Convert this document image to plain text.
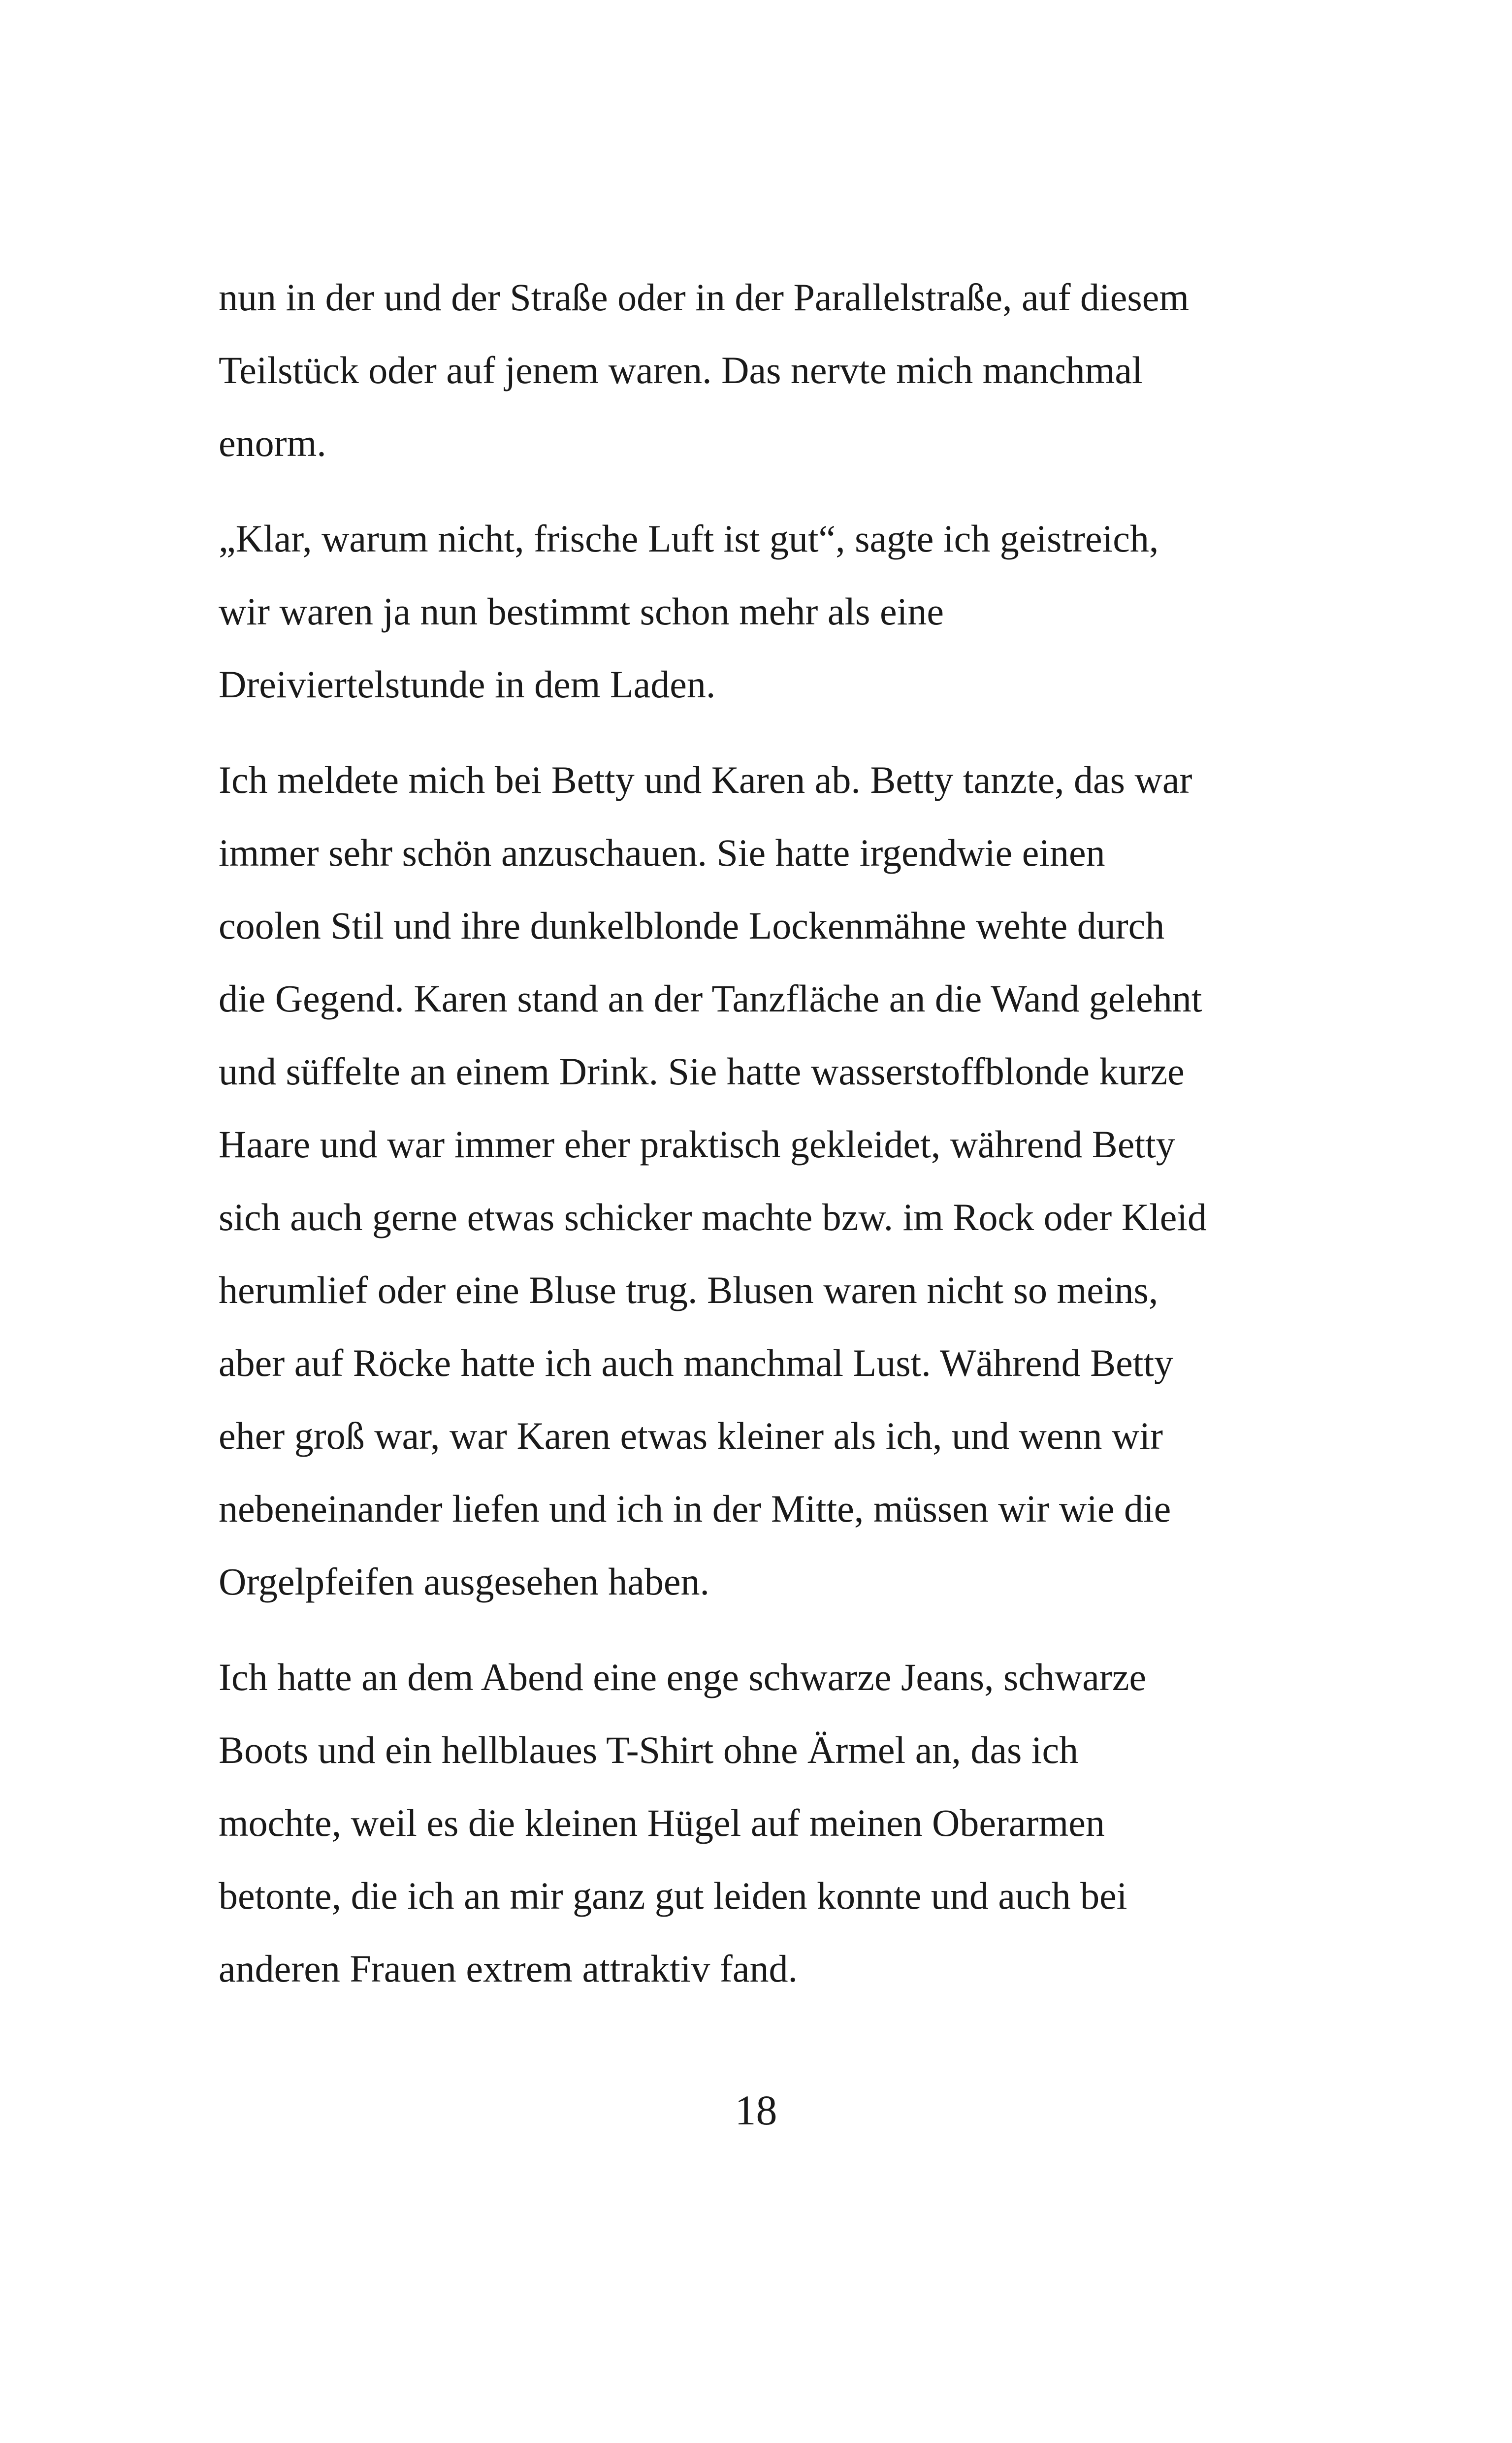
nun in der und der Straße oder in der Parallelstraße, auf diesem

Teilstück oder auf jenem waren. Das nervte mich manchmal

enorm.

„Klar, warum nicht, frische Luft ist gut“, sagte ich geistreich,

wir waren ja nun bestimmt schon mehr als eine

Dreiviertelstunde in dem Laden.

Ich meldete mich bei Betty und Karen ab. Betty tanzte, das war

immer sehr schön anzuschauen. Sie hatte irgendwie einen

coolen Stil und ihre dunkelblonde Lockenmähne wehte durch

die Gegend. Karen stand an der Tanzfläche an die Wand gelehnt

und süffelte an einem Drink. Sie hatte wasserstoffblonde kurze

Haare und war immer eher praktisch gekleidet, während Betty

sich auch gerne etwas schicker machte bzw. im Rock oder Kleid

herumlief oder eine Bluse trug. Blusen waren nicht so meins,

aber auf Röcke hatte ich auch manchmal Lust. Während Betty

eher groß war, war Karen etwas kleiner als ich, und wenn wir

nebeneinander liefen und ich in der Mitte, müssen wir wie die

Orgelpfeifen ausgesehen haben.

Ich hatte an dem Abend eine enge schwarze Jeans, schwarze

Boots und ein hellblaues T-Shirt ohne Ärmel an, das ich

mochte, weil es die kleinen Hügel auf meinen Oberarmen

betonte, die ich an mir ganz gut leiden konnte und auch bei

anderen Frauen extrem attraktiv fand.

18
